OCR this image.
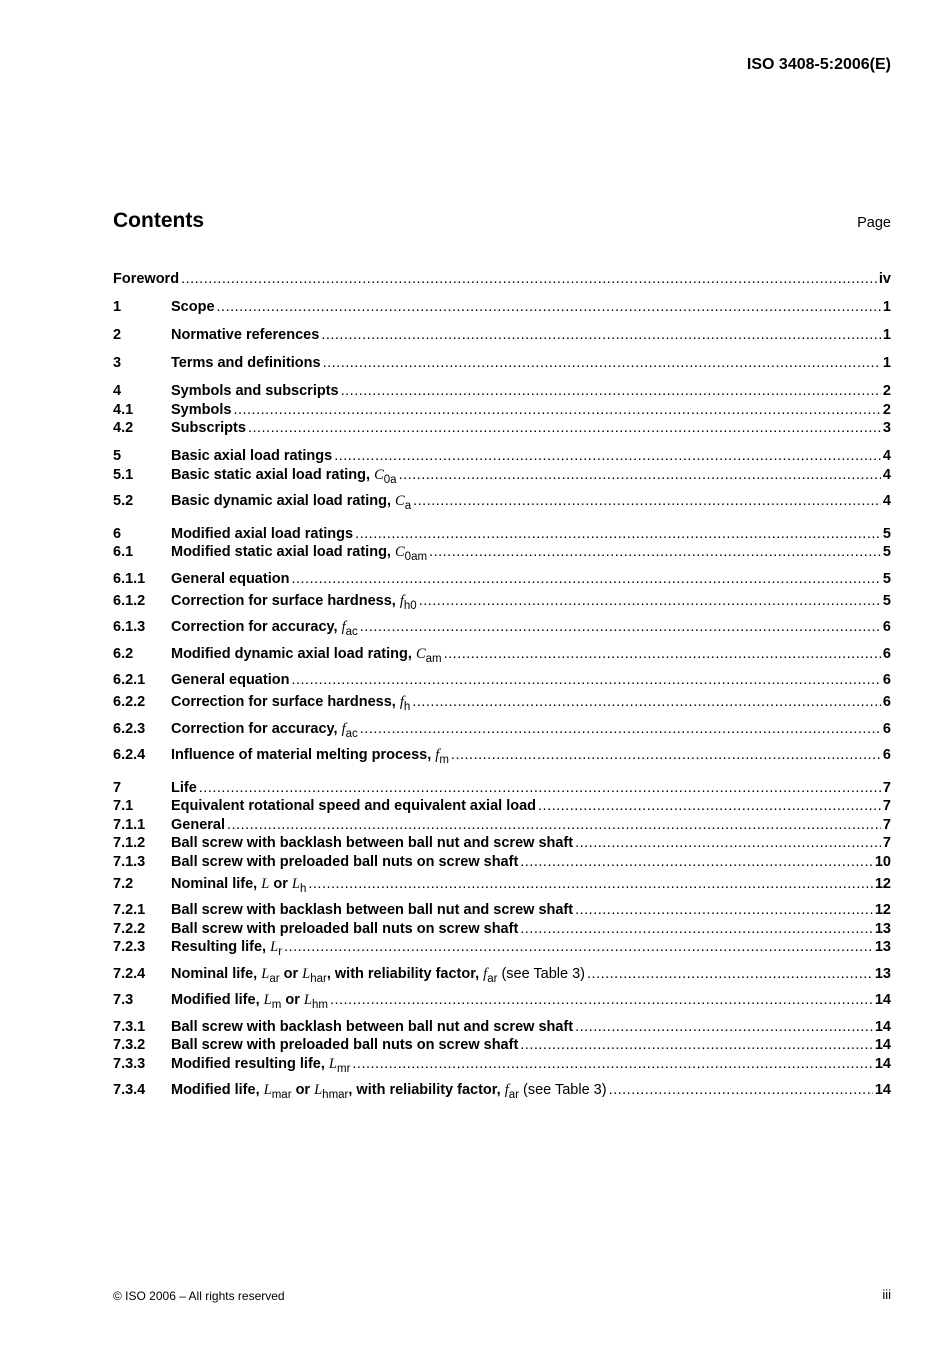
ISO 3408-5:2006(E)
Contents	Page
Foreword .....	iv
1	Scope .....	1
2	Normative references .....	1
3	Terms and definitions .....	1
4	Symbols and subscripts .....	2
4.1	Symbols .....	2
4.2	Subscripts .....	3
5	Basic axial load ratings .....	4
5.1	Basic static axial load rating, $C_{0a}$ .....	4
5.2	Basic dynamic axial load rating, $C_a$ .....	4
6	Modified axial load ratings .....	5
6.1	Modified static axial load rating, $C_{0am}$ .....	5
6.1.1	General equation .....	5
6.1.2	Correction for surface hardness, $f_{h0}$ .....	5
6.1.3	Correction for accuracy, $f_{ac}$ .....	6
6.2	Modified dynamic axial load rating, $C_{am}$ .....	6
6.2.1	General equation .....	6
6.2.2	Correction for surface hardness, $f_h$ .....	6
6.2.3	Correction for accuracy, $f_{ac}$ .....	6
6.2.4	Influence of material melting process, $f_m$ .....	6
7	Life .....	7
7.1	Equivalent rotational speed and equivalent axial load .....	7
7.1.1	General .....	7
7.1.2	Ball screw with backlash between ball nut and screw shaft .....	7
7.1.3	Ball screw with preloaded ball nuts on screw shaft .....	10
7.2	Nominal life, L or $L_h$ .....	12
7.2.1	Ball screw with backlash between ball nut and screw shaft .....	12
7.2.2	Ball screw with preloaded ball nuts on screw shaft .....	13
7.2.3	Resulting life, $L_r$ .....	13
7.2.4	Nominal life, $L_{ar}$ or $L_{har}$, with reliability factor, $f_{ar}$ (see Table 3) .....	13
7.3	Modified life, $L_m$ or $L_{hm}$ .....	14
7.3.1	Ball screw with backlash between ball nut and screw shaft .....	14
7.3.2	Ball screw with preloaded ball nuts on screw shaft .....	14
7.3.3	Modified resulting life, $L_{mr}$ .....	14
7.3.4	Modified life, $L_{mar}$ or $L_{hmar}$, with reliability factor, $f_{ar}$ (see Table 3) .....	14
© ISO 2006 – All rights reserved	iii
